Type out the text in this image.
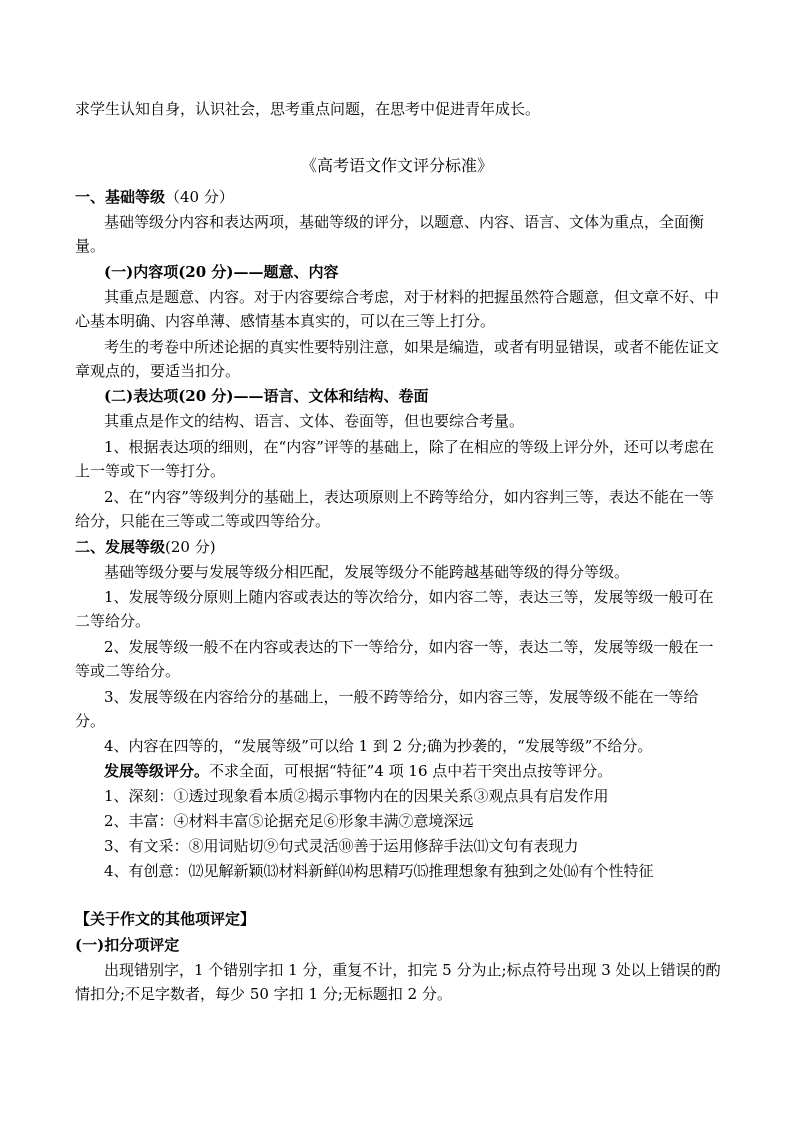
求学生认知自身，认识社会，思考重点问题，在思考中促进青年成长。

《高考语文作文评分标准》

一、基础等级（40 分）

基础等级分内容和表达两项，基础等级的评分，以题意、内容、语言、文体为重点，全面衡量。

(一)内容项(20 分)——题意、内容

其重点是题意、内容。对于内容要综合考虑，对于材料的把握虽然符合题意，但文章不好、中心基本明确、内容单薄、感情基本真实的，可以在三等上打分。

考生的考卷中所述论据的真实性要特别注意，如果是编造，或者有明显错误，或者不能佐证文章观点的，要适当扣分。

(二)表达项(20 分)——语言、文体和结构、卷面

其重点是作文的结构、语言、文体、卷面等，但也要综合考量。

1、根据表达项的细则，在“内容”评等的基础上，除了在相应的等级上评分外，还可以考虑在上一等或下一等打分。

2、在“内容”等级判分的基础上，表达项原则上不跨等给分，如内容判三等，表达不能在一等给分，只能在三等或二等或四等给分。

二、发展等级(20 分)

基础等级分要与发展等级分相匹配，发展等级分不能跨越基础等级的得分等级。

1、发展等级分原则上随内容或表达的等次给分，如内容二等，表达三等，发展等级一般可在二等给分。

2、发展等级一般不在内容或表达的下一等给分，如内容一等，表达二等，发展等级一般在一等或二等给分。

3、发展等级在内容给分的基础上，一般不跨等给分，如内容三等，发展等级不能在一等给分。

4、内容在四等的，“发展等级”可以给 1 到 2 分;确为抄袭的，“发展等级”不给分。

发展等级评分。不求全面，可根据“特征”4 项 16 点中若干突出点按等评分。

1、深刻：①透过现象看本质②揭示事物内在的因果关系③观点具有启发作用

2、丰富：④材料丰富⑤论据充足⑥形象丰满⑦意境深远

3、有文采：⑧用词贴切⑨句式灵活⑩善于运用修辞手法⑾文句有表现力

4、有创意：⑿见解新颖⒀材料新鲜⒁构思精巧⒂推理想象有独到之处⒃有个性特征

【关于作文的其他项评定】

(一)扣分项评定

出现错别字，1 个错别字扣 1 分，重复不计，扣完 5 分为止;标点符号出现 3 处以上错误的酌情扣分;不足字数者，每少 50 字扣 1 分;无标题扣 2 分。
